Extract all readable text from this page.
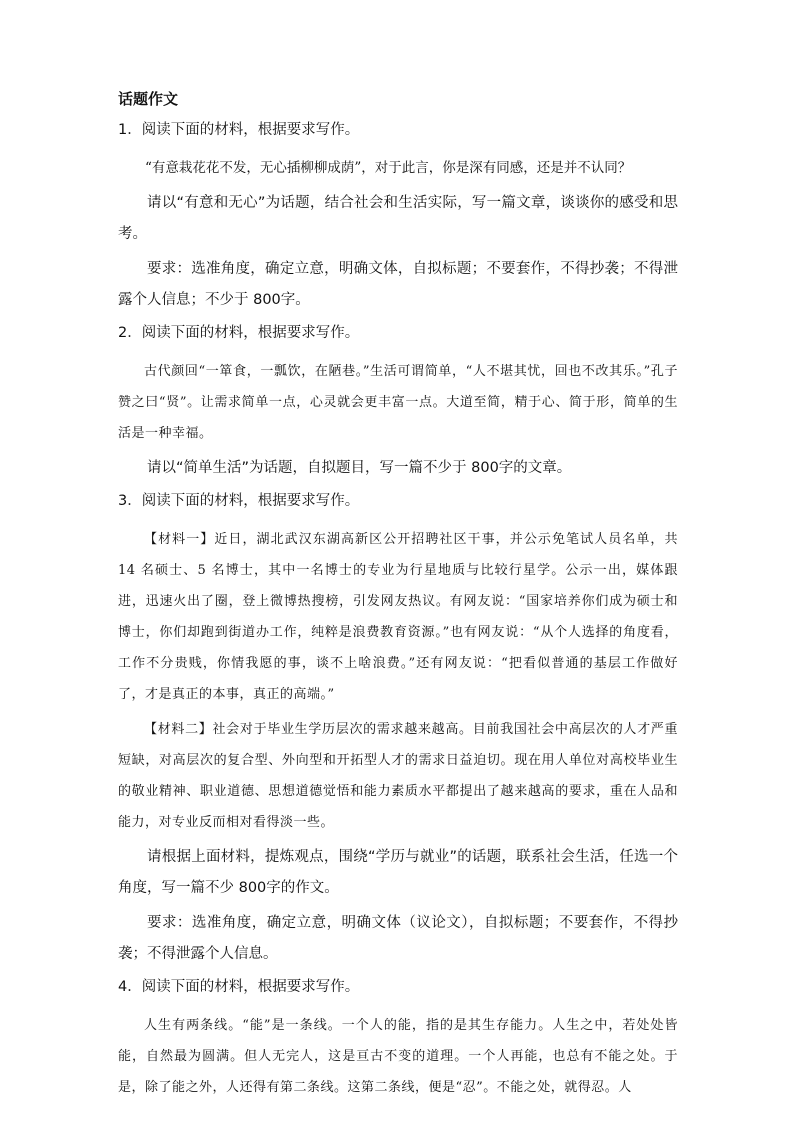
话题作文
1．阅读下面的材料，根据要求写作。
“有意栽花花不发，无心插柳柳成荫”，对于此言，你是深有同感，还是并不认同？
请以“有意和无心”为话题，结合社会和生活实际，写一篇文章，谈谈你的感受和思考。
要求：选准角度，确定立意，明确文体，自拟标题；不要套作，不得抄袭；不得泄露个人信息；不少于 800字。
2．阅读下面的材料，根据要求写作。
古代颜回“一箪食，一瓢饮，在陋巷。”生活可谓简单，“人不堪其忧，回也不改其乐。”孔子赞之曰“贤”。让需求简单一点，心灵就会更丰富一点。大道至简，精于心、简于形，简单的生活是一种幸福。
请以“简单生活”为话题，自拟题目，写一篇不少于 800字的文章。
3．阅读下面的材料，根据要求写作。
【材料一】近日，湖北武汉东湖高新区公开招聘社区干事，并公示免笔试人员名单，共 14 名硕士、5 名博士，其中一名博士的专业为行星地质与比较行星学。公示一出，媒体跟进，迅速火出了圈，登上微博热搜榜，引发网友热议。有网友说：“国家培养你们成为硕士和博士，你们却跑到街道办工作，纯粹是浪费教育资源。”也有网友说：“从个人选择的角度看，工作不分贵贱，你情我愿的事，谈不上啥浪费。”还有网友说：“把看似普通的基层工作做好了，才是真正的本事，真正的高端。”
【材料二】社会对于毕业生学历层次的需求越来越高。目前我国社会中高层次的人才严重短缺，对高层次的复合型、外向型和开拓型人才的需求日益迫切。现在用人单位对高校毕业生的敬业精神、职业道德、思想道德觉悟和能力素质水平都提出了越来越高的要求，重在人品和能力，对专业反而相对看得淡一些。
请根据上面材料，提炼观点，围绕“学历与就业”的话题，联系社会生活，任选一个角度，写一篇不少 800字的作文。
要求：选准角度，确定立意，明确文体（议论文），自拟标题；不要套作，不得抄袭；不得泄露个人信息。
4．阅读下面的材料，根据要求写作。
人生有两条线。“能”是一条线。一个人的能，指的是其生存能力。人生之中，若处处皆能，自然最为圆满。但人无完人，这是亘古不变的道理。一个人再能，也总有不能之处。于是，除了能之外，人还得有第二条线。这第二条线，便是“忍”。不能之处，就得忍。人
